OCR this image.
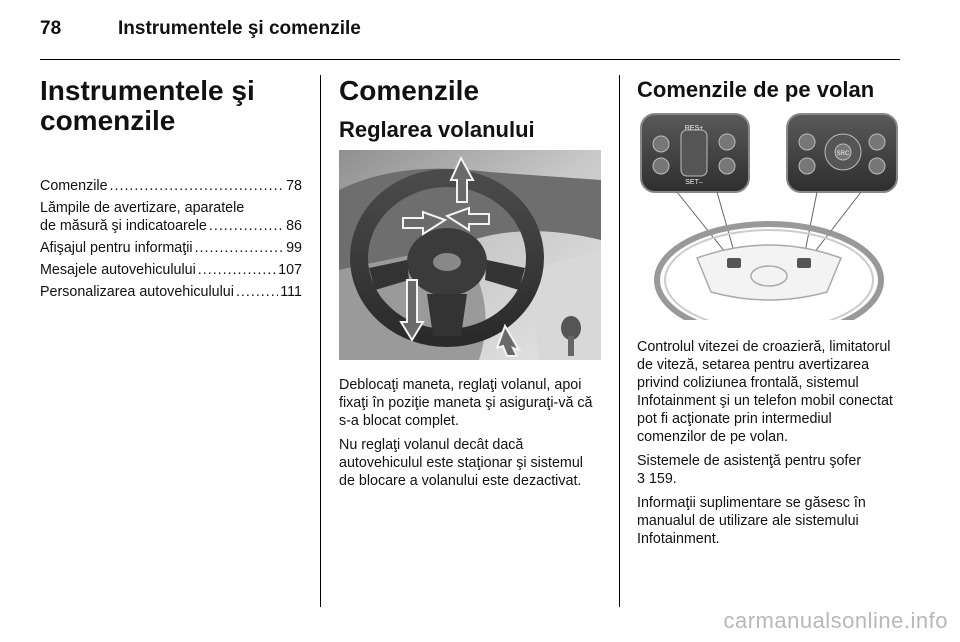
78	Instrumentele şi comenzile
Instrumentele şi
comenzile
Comenzile .....	78
Lămpile de avertizare, aparatele
de măsură şi indicatoarele .....	86
Afişajul pentru informaţii .....	99
Mesajele autovehiculului .....	107
Personalizarea autovehiculului .....	111
Comenzile
Reglarea volanului

Deblocaţi maneta, reglaţi volanul, apoi fixaţi în poziţie maneta şi asiguraţi-vă că s-a blocat complet.

Nu reglaţi volanul decât dacă autovehiculul este staţionar şi sistemul de blocare a volanului este dezactivat.

Comenzile de pe volan
RES+
SET–
SRC

Controlul vitezei de croazieră, limitatorul de viteză, setarea pentru avertizarea privind coliziunea frontală, sistemul Infotainment şi un telefon mobil conectat pot fi acţionate prin intermediul comenzilor de pe volan.

Sistemele de asistenţă pentru şofer
3 159.

Informaţii suplimentare se găsesc în manualul de utilizare ale sistemului Infotainment.

carmanualsonline.info
